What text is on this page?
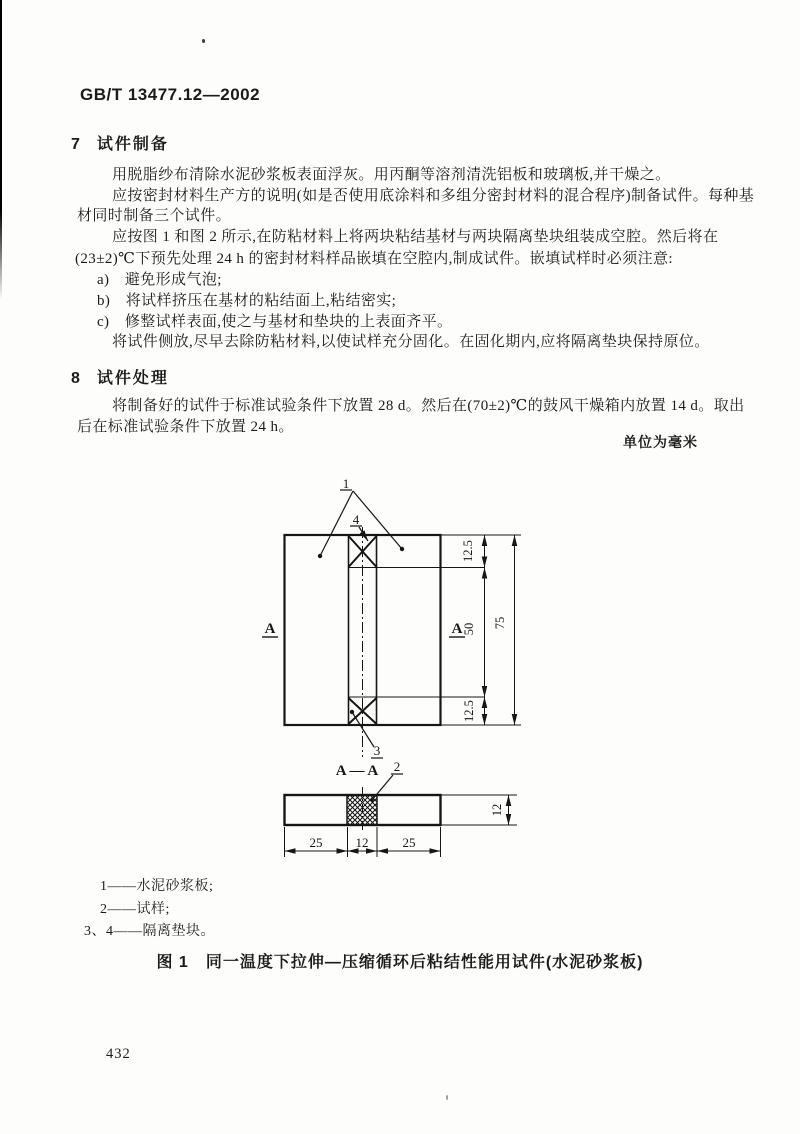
GB/T 13477.12—2002
7 试件制备
用脱脂纱布清除水泥砂浆板表面浮灰。用丙酮等溶剂清洗铝板和玻璃板,并干燥之。
应按密封材料生产方的说明(如是否使用底涂料和多组分密封材料的混合程序)制备试件。每种基
材同时制备三个试件。
应按图 1 和图 2 所示,在防粘材料上将两块粘结基材与两块隔离垫块组装成空腔。然后将在
(23±2)℃下预先处理 24 h 的密封材料样品嵌填在空腔内,制成试件。嵌填试样时必须注意:
a)　避免形成气泡;
b)　将试样挤压在基材的粘结面上,粘结密实;
c)　修整试样表面,使之与基材和垫块的上表面齐平。
将试件侧放,尽早去除防粘材料,以使试样充分固化。在固化期内,应将隔离垫块保持原位。
8 试件处理
将制备好的试件于标准试验条件下放置 28 d。然后在(70±2)℃的鼓风干燥箱内放置 14 d。取出
后在标准试验条件下放置 24 h。
单位为毫米
1
4
3
A	A
12.5
50
12.5
75
A — A 2
25	12	25
12
1——水泥砂浆板;
2——试样;
3、4——隔离垫块。
图 1　同一温度下拉伸—压缩循环后粘结性能用试件(水泥砂浆板)
432
